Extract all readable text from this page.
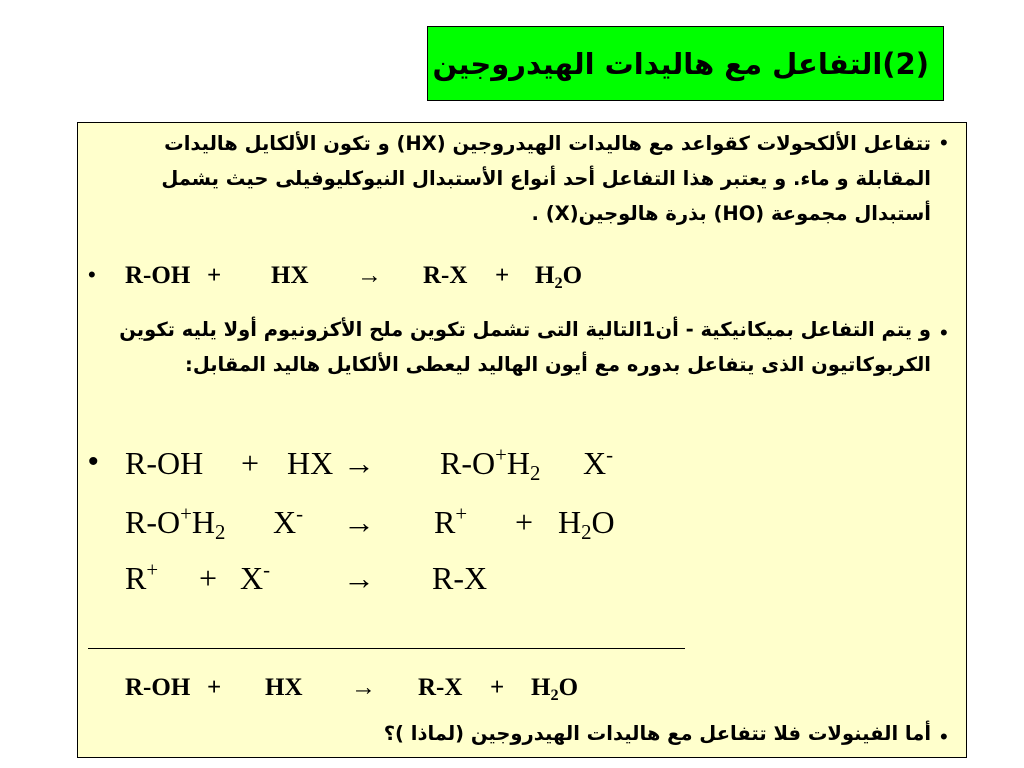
(2)التفاعل مع هاليدات الهيدروجين
•
تتفاعل الألكحولات كقواعد مع هاليدات الهيدروجين (HX) و تكون الألكايل هاليدات المقابلة و ماء. و يعتبر هذا التفاعل أحد أنواع الأستبدال النيوكليوفيلى حيث يشمل أستبدال مجموعة (HO) بذرة هالوجين(X) .
• R-OH + HX → $R-X + H_2O$
•
و يتم التفاعل بميكانيكية - أن1التالية التى تشمل تكوين ملح الأكزونيوم أولا يليه تكوين الكربوكاتيون الذى يتفاعل بدوره مع أيون الهاليد ليعطى الألكايل هاليد المقابل:
• R-OH + HX → $R-O^+H_2$ X-
$R-O^+H_2$ $X^- \to R^+ + H_2O$
R+ + X- → R-X
R-OH + HX → $R-X + H_2O$
•
أما الفينولات فلا تتفاعل مع هاليدات الهيدروجين (لماذا )؟
